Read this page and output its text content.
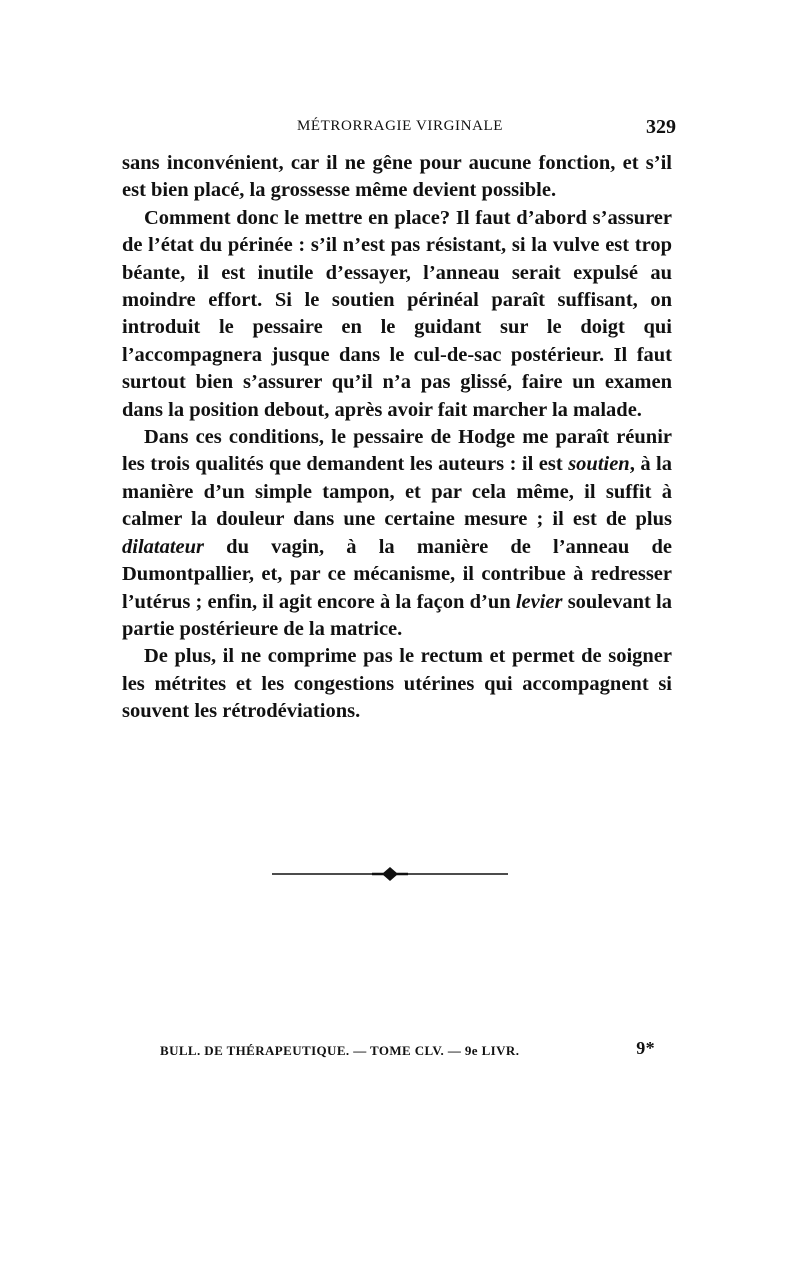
MÉTRORRAGIE VIRGINALE	329

sans inconvénient, car il ne gêne pour aucune fonction, et s’il est bien placé, la grossesse même devient possible.

Comment donc le mettre en place? Il faut d’abord s’assurer de l’état du périnée : s’il n’est pas résistant, si la vulve est trop béante, il est inutile d’essayer, l’anneau serait expulsé au moindre effort. Si le soutien périnéal paraît suffisant, on introduit le pessaire en le guidant sur le doigt qui l’accompagnera jusque dans le cul-de-sac postérieur. Il faut surtout bien s’assurer qu’il n’a pas glissé, faire un examen dans la position debout, après avoir fait marcher la malade.

Dans ces conditions, le pessaire de Hodge me paraît réunir les trois qualités que demandent les auteurs : il est soutien, à la manière d’un simple tampon, et par cela même, il suffit à calmer la douleur dans une certaine mesure ; il est de plus dilatateur du vagin, à la manière de l’anneau de Dumontpallier, et, par ce mécanisme, il contribue à redresser l’utérus ; enfin, il agit encore à la façon d’un levier soulevant la partie postérieure de la matrice.

De plus, il ne comprime pas le rectum et permet de soigner les métrites et les congestions utérines qui accompagnent si souvent les rétrodéviations.

BULL. DE THÉRAPEUTIQUE. — TOME CLV. — 9e LIVR.	9*
